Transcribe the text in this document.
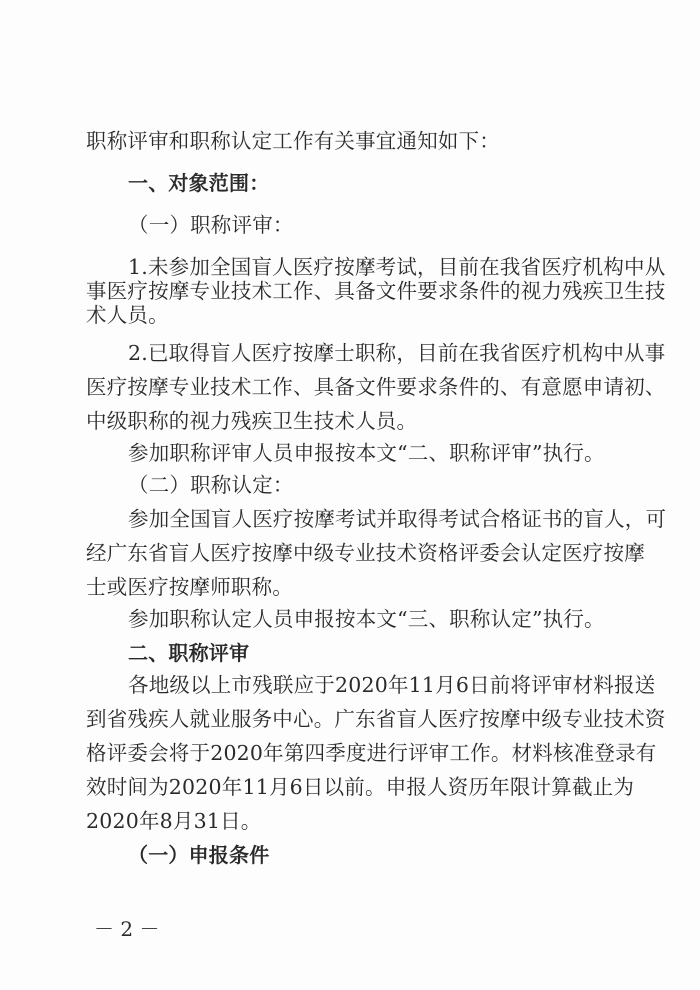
职称评审和职称认定工作有关事宜通知如下：
一、对象范围：
（一）职称评审：
1.未参加全国盲人医疗按摩考试，目前在我省医疗机构中从
事医疗按摩专业技术工作、具备文件要求条件的视力残疾卫生技
术人员。
2.已取得盲人医疗按摩士职称，目前在我省医疗机构中从事
医疗按摩专业技术工作、具备文件要求条件的、有意愿申请初、
中级职称的视力残疾卫生技术人员。
参加职称评审人员申报按本文“二、职称评审”执行。
（二）职称认定：
参加全国盲人医疗按摩考试并取得考试合格证书的盲人，可
经广东省盲人医疗按摩中级专业技术资格评委会认定医疗按摩
士或医疗按摩师职称。
参加职称认定人员申报按本文“三、职称认定”执行。
二、职称评审
各地级以上市残联应于2020年11月6日前将评审材料报送
到省残疾人就业服务中心。广东省盲人医疗按摩中级专业技术资
格评委会将于2020年第四季度进行评审工作。材料核准登录有
效时间为2020年11月6日以前。申报人资历年限计算截止为
2020年8月31日。
（一）申报条件
－ 2 －
